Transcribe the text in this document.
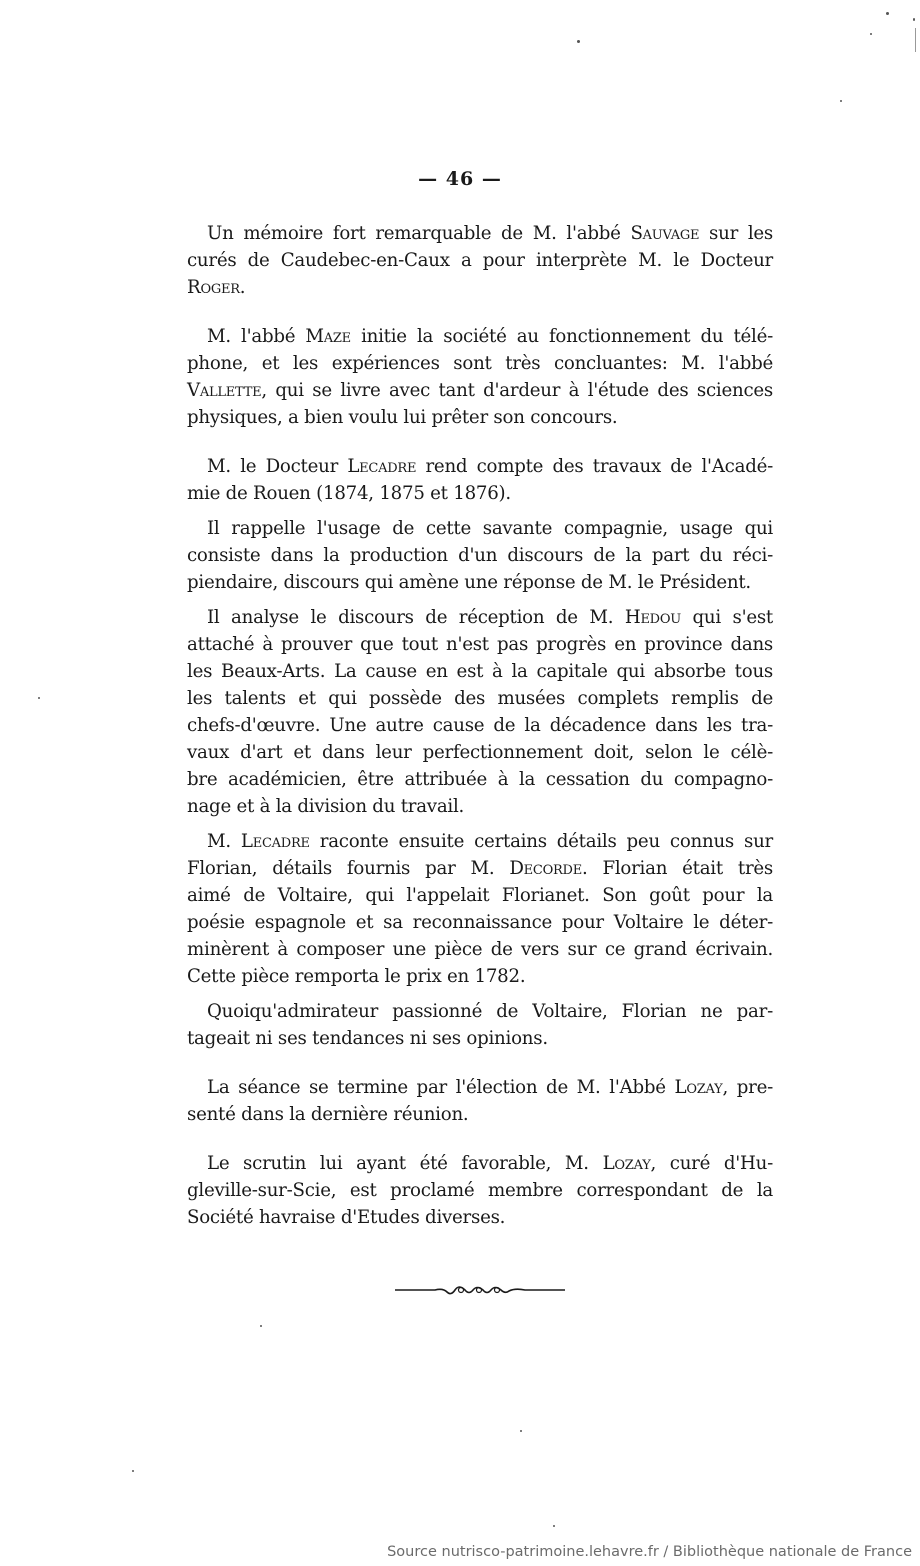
— 46 —
Un mémoire fort remarquable de M. l'abbé Sauvage sur les
curés de Caudebec-en-Caux a pour interprète M. le Docteur
Roger.
M. l'abbé Maze initie la société au fonctionnement du télé-
phone, et les expériences sont très concluantes: M. l'abbé
Vallette, qui se livre avec tant d'ardeur à l'étude des sciences
physiques, a bien voulu lui prêter son concours.
M. le Docteur Lecadre rend compte des travaux de l'Acadé-
mie de Rouen (1874, 1875 et 1876).
Il rappelle l'usage de cette savante compagnie, usage qui
consiste dans la production d'un discours de la part du réci-
piendaire, discours qui amène une réponse de M. le Président.
Il analyse le discours de réception de M. Hedou qui s'est
attaché à prouver que tout n'est pas progrès en province dans
les Beaux-Arts. La cause en est à la capitale qui absorbe tous
les talents et qui possède des musées complets remplis de
chefs-d'œuvre. Une autre cause de la décadence dans les tra-
vaux d'art et dans leur perfectionnement doit, selon le célè-
bre académicien, être attribuée à la cessation du compagno-
nage et à la division du travail.
M. Lecadre raconte ensuite certains détails peu connus sur
Florian, détails fournis par M. Decorde. Florian était très
aimé de Voltaire, qui l'appelait Florianet. Son goût pour la
poésie espagnole et sa reconnaissance pour Voltaire le déter-
minèrent à composer une pièce de vers sur ce grand écrivain.
Cette pièce remporta le prix en 1782.
Quoiqu'admirateur passionné de Voltaire, Florian ne par-
tageait ni ses tendances ni ses opinions.
La séance se termine par l'élection de M. l'Abbé Lozay, pre-
senté dans la dernière réunion.
Le scrutin lui ayant été favorable, M. Lozay, curé d'Hu-
gleville-sur-Scie, est proclamé membre correspondant de la
Société havraise d'Etudes diverses.
Source nutrisco-patrimoine.lehavre.fr / Bibliothèque nationale de France
